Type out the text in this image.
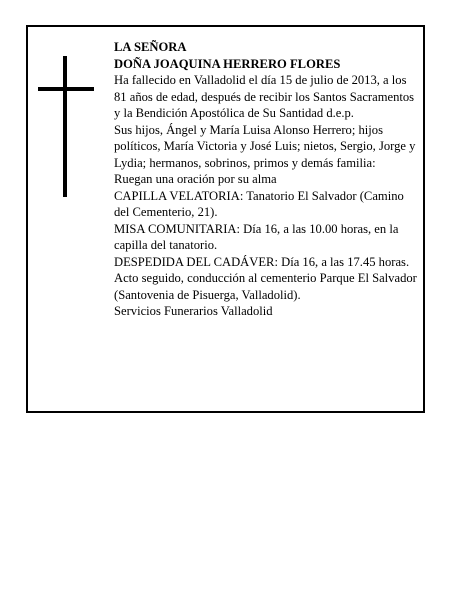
LA SEÑORA

DOÑA JOAQUINA HERRERO FLORES

Ha fallecido en Valladolid el día 15 de julio de 2013, a los 81 años de edad, después de recibir los Santos Sacramentos y la Bendición Apostólica de Su Santidad d.e.p.

Sus hijos, Ángel y María Luisa Alonso Herrero; hijos políticos, María Victoria y José Luis; nietos, Sergio, Jorge y Lydia; hermanos, sobrinos, primos y demás familia:

Ruegan una oración por su alma

CAPILLA VELATORIA: Tanatorio El Salvador (Camino del Cementerio, 21).

MISA COMUNITARIA: Día 16, a las 10.00 horas, en la capilla del tanatorio.

DESPEDIDA DEL CADÁVER: Día 16, a las 17.45 horas. Acto seguido, conducción al cementerio Parque El Salvador (Santovenia de Pisuerga, Valladolid).

Servicios Funerarios Valladolid
